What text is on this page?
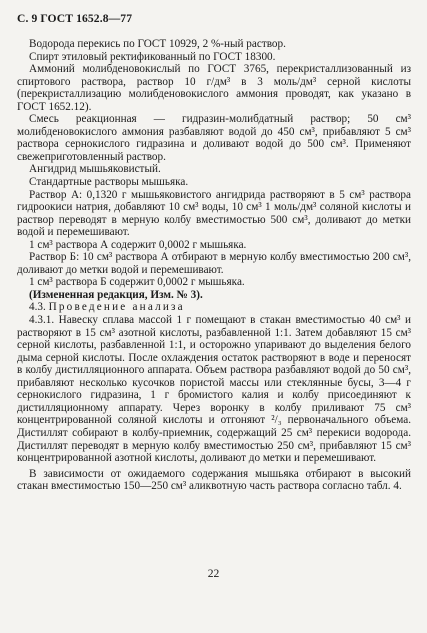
С. 9 ГОСТ 1652.8—77

Водорода перекись по ГОСТ 10929, 2 %-ный раствор.

Спирт этиловый ректификованный по ГОСТ 18300.

Аммоний молибденовокислый по ГОСТ 3765, перекристаллизованный из спиртового раствора, раствор 10 г/дм³ в 3 моль/дм³ серной кислоты (перекристаллизацию молибденовокислого аммония проводят, как указано в ГОСТ 1652.12).

Смесь реакционная — гидразин-молибдатный раствор; 50 см³ молибденовокислого аммония разбавляют водой до 450 см³, прибавляют 5 см³ раствора сернокислого гидразина и доливают водой до 500 см³. Применяют свежеприготовленный раствор.

Ангидрид мышьяковистый.

Стандартные растворы мышьяка.

Раствор А: 0,1320 г мышьяковистого ангидрида растворяют в 5 см³ раствора гидроокиси натрия, добавляют 10 см³ воды, 10 см³ 1 моль/дм³ соляной кислоты и раствор переводят в мерную колбу вместимостью 500 см³, доливают до метки водой и перемешивают.

1 см³ раствора А содержит 0,0002 г мышьяка.

Раствор Б: 10 см³ раствора А отбирают в мерную колбу вместимостью 200 см³, доливают до метки водой и перемешивают.

1 см³ раствора Б содержит 0,0002 г мышьяка.

(Измененная редакция, Изм. № 3).

4.3. Проведение анализа

4.3.1. Навеску сплава массой 1 г помещают в стакан вместимостью 40 см³ и растворяют в 15 см³ азотной кислоты, разбавленной 1:1. Затем добавляют 15 см³ серной кислоты, разбавленной 1:1, и осторожно упаривают до выделения белого дыма серной кислоты. После охлаждения остаток растворяют в воде и переносят в колбу дистилляционного аппарата. Объем раствора разбавляют водой до 50 см³, прибавляют несколько кусочков пористой массы или стеклянные бусы, 3—4 г сернокислого гидразина, 1 г бромистого калия и колбу присоединяют к дистилляционному аппарату. Через воронку в колбу приливают 75 см³ концентрированной соляной кислоты и отгоняют ²/₃ первоначального объема. Дистиллят собирают в колбу-приемник, содержащий 25 см³ перекиси водорода. Дистиллят переводят в мерную колбу вместимостью 250 см³, прибавляют 15 см³ концентрированной азотной кислоты, доливают до метки и перемешивают.

В зависимости от ожидаемого содержания мышьяка отбирают в высокий стакан вместимостью 150—250 см³ аликвотную часть раствора согласно табл. 4.

22
